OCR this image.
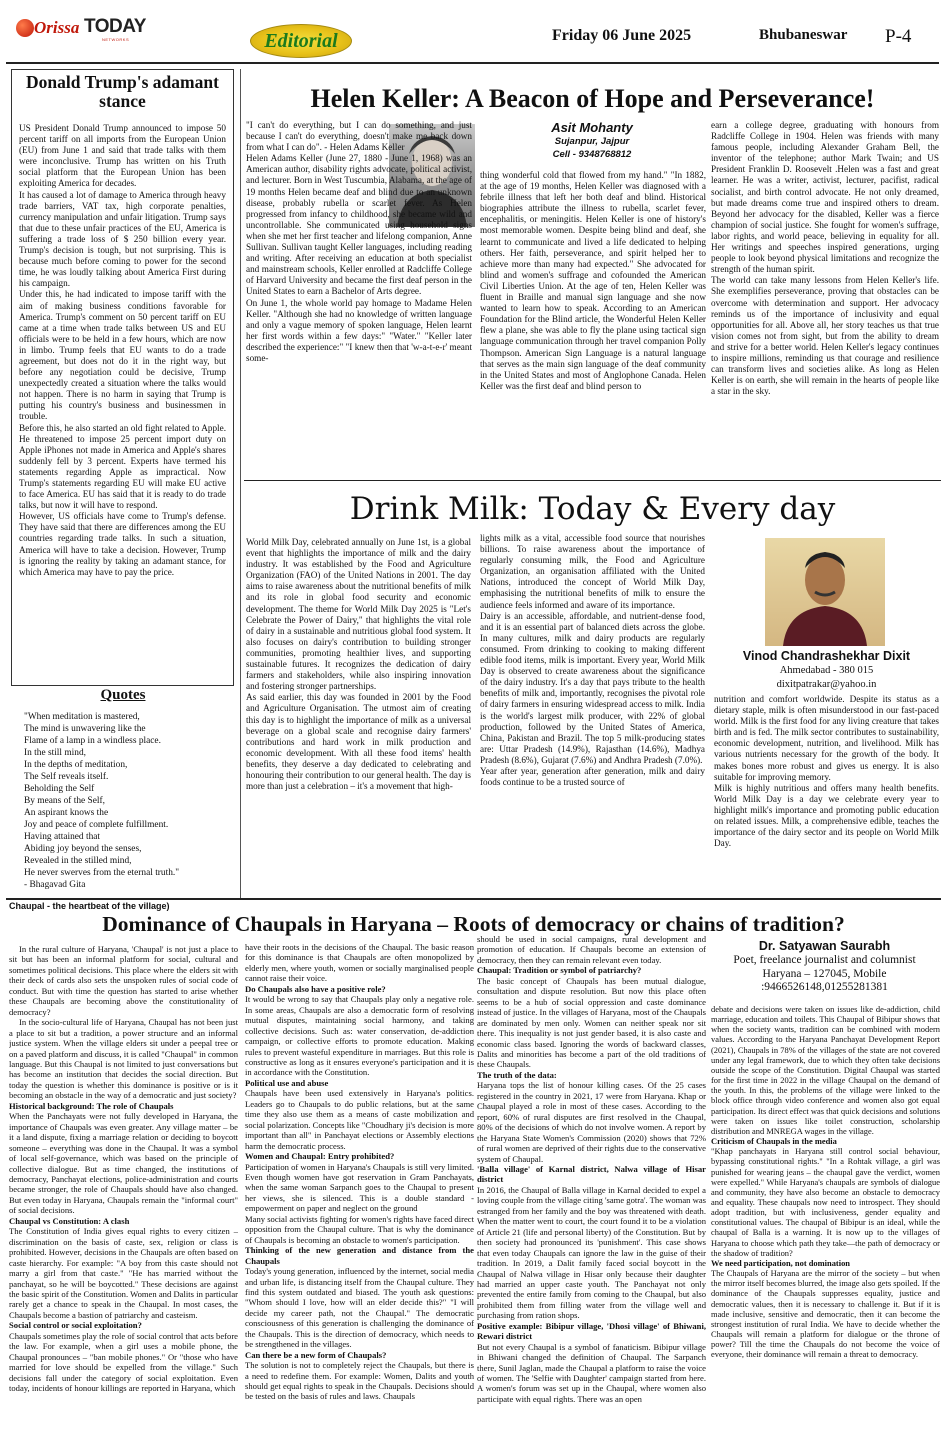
Orissa TODAY
NETWORKS	Editorial	Friday 06 June 2025	Bhubaneswar P-4
Donald Trump's adamant stance

US President Donald Trump announced to impose 50 percent tariff on all imports from the European Union (EU) from June 1 and said that trade talks with them were inconclusive. Trump has written on his Truth social platform that the European Union has been exploiting America for decades.

It has caused a lot of damage to America through heavy trade barriers, VAT tax, high corporate penalties, currency manipulation and unfair litigation. Trump says that due to these unfair practices of the EU, America is suffering a trade loss of $ 250 billion every year. Trump's decision is tough, but not surprising. This is because much before coming to power for the second time, he was loudly talking about America First during his campaign.

Under this, he had indicated to impose tariff with the aim of making business conditions favorable for America. Trump's comment on 50 percent tariff on EU came at a time when trade talks between US and EU officials were to be held in a few hours, which are now in limbo. Trump feels that EU wants to do a trade agreement, but does not do it in the right way, but before any negotiation could be decisive, Trump unexpectedly created a situation where the talks would not happen. There is no harm in saying that Trump is putting his country's business and businessmen in trouble.

Before this, he also started an old fight related to Apple. He threatened to impose 25 percent import duty on Apple iPhones not made in America and Apple's shares suddenly fell by 3 percent. Experts have termed his statements regarding Apple as impractical. Now Trump's statements regarding EU will make EU active to face America. EU has said that it is ready to do trade talks, but now it will have to respond.

However, US officials have come to Trump's defense. They have said that there are differences among the EU countries regarding trade talks. In such a situation, America will have to take a decision. However, Trump is ignoring the reality by taking an adamant stance, for which America may have to pay the price.

Quotes
"When meditation is mastered,
The mind is unwavering like the
Flame of a lamp in a windless place.
In the still mind,
In the depths of meditation,
The Self reveals itself.
Beholding the Self
By means of the Self,
An aspirant knows the
Joy and peace of complete fulfillment.
Having attained that
Abiding joy beyond the senses,
Revealed in the stilled mind,
He never swerves from the eternal truth."
- Bhagavad Gita
Helen Keller: A Beacon of Hope and Perseverance!
"I can't do everything, but I can do something, and just because I can't do everything, doesn't make me back down from what I can do". - Helen Adams Keller
Helen Adams Keller (June 27, 1880 - June 1, 1968) was an American author, disability rights advocate, political activist, and lecturer. Born in West Tuscumbia, Alabama, at the age of 19 months Helen became deaf and blind due to an unknown disease, probably rubella or scarlet fever. As Helen progressed from infancy to childhood, she became wild and uncontrollable. She communicated using household signs when she met her first teacher and lifelong companion, Anne Sullivan. Sullivan taught Keller languages, including reading and writing. After receiving an education at both specialist and mainstream schools, Keller enrolled at Radcliffe College of Harvard University and became the first deaf person in the United States to earn a Bachelor of Arts degree.
On June 1, the whole world pay homage to Madame Helen Keller. "Although she had no knowledge of written language and only a vague memory of spoken language, Helen learnt her first words within a few days:" "Water." "Keller later described the experience:" "I knew then that 'w-a-t-e-r' meant some-
Asit Mohanty
Sujanpur, Jajpur
Cell - 9348768812
thing wonderful cold that flowed from my hand." "In 1882, at the age of 19 months, Helen Keller was diagnosed with a febrile illness that left her both deaf and blind. Historical biographies attribute the illness to rubella, scarlet fever, encephalitis, or meningitis. Helen Keller is one of history's most memorable women. Despite being blind and deaf, she learnt to communicate and lived a life dedicated to helping others. Her faith, perseverance, and spirit helped her to achieve more than many had expected." She advocated for blind and women's suffrage and cofounded the American Civil Liberties Union. At the age of ten, Helen Keller was fluent in Braille and manual sign language and she now wanted to learn how to speak. According to an American Foundation for the Blind article, the Wonderful Helen Keller flew a plane, she was able to fly the plane using tactical sign language communication through her travel companion Polly Thompson. American Sign Language is a natural language that serves as the main sign language of the deaf community in the United States and most of Anglophone Canada. Helen Keller was the first deaf and blind person to
earn a college degree, graduating with honours from Radcliffe College in 1904. Helen was friends with many famous people, including Alexander Graham Bell, the inventor of the telephone; author Mark Twain; and US President Franklin D. Roosevelt .Helen was a fast and great learner. He was a writer, activist, lecturer, pacifist, radical socialist, and birth control advocate. He not only dreamed, but made dreams come true and inspired others to dream. Beyond her advocacy for the disabled, Keller was a fierce champion of social justice. She fought for women's suffrage, labor rights, and world peace, believing in equality for all. Her writings and speeches inspired generations, urging people to look beyond physical limitations and recognize the strength of the human spirit.
The world can take many lessons from Helen Keller's life. She exemplifies perseverance, proving that obstacles can be overcome with determination and support. Her advocacy reminds us of the importance of inclusivity and equal opportunities for all. Above all, her story teaches us that true vision comes not from sight, but from the ability to dream and strive for a better world. Helen Keller's legacy continues to inspire millions, reminding us that courage and resilience can transform lives and societies alike. As long as Helen Keller is on earth, she will remain in the hearts of people like a star in the sky.
Drink Milk: Today & Every day
World Milk Day, celebrated annually on June 1st, is a global event that highlights the importance of milk and the dairy industry. It was established by the Food and Agriculture Organization (FAO) of the United Nations in 2001. The day aims to raise awareness about the nutritional benefits of milk and its role in global food security and economic development. The theme for World Milk Day 2025 is "Let's Celebrate the Power of Dairy," that highlights the vital role of dairy in a sustainable and nutritious global food system. It also focuses on dairy's contribution to building stronger communities, promoting healthier lives, and supporting sustainable futures. It recognizes the dedication of dairy farmers and stakeholders, while also inspiring innovation and fostering stronger partnerships.
As said earlier, this day was founded in 2001 by the Food and Agriculture Organisation. The utmost aim of creating this day is to highlight the importance of milk as a universal beverage on a global scale and recognise dairy farmers' contributions and hard work in milk production and economic development. With all these food items' health benefits, they deserve a day dedicated to celebrating and honouring their contribution to our general health. The day is more than just a celebration – it's a movement that high-
lights milk as a vital, accessible food source that nourishes billions. To raise awareness about the importance of regularly consuming milk, the Food and Agriculture Organization, an organisation affiliated with the United Nations, introduced the concept of World Milk Day, emphasising the nutritional benefits of milk to ensure the audience feels informed and aware of its importance.
Dairy is an accessible, affordable, and nutrient-dense food, and it is an essential part of balanced diets across the globe. In many cultures, milk and dairy products are regularly consumed. From drinking to cooking to making different edible food items, milk is important. Every year, World Milk Day is observed to create awareness about the significance of the dairy industry. It's a day that pays tribute to the health benefits of milk and, importantly, recognises the pivotal role of dairy farmers in ensuring widespread access to milk. India is the world's largest milk producer, with 22% of global production, followed by the United States of America, China, Pakistan and Brazil. The top 5 milk-producing states are: Uttar Pradesh (14.9%), Rajasthan (14.6%), Madhya Pradesh (8.6%), Gujarat (7.6%) and Andhra Pradesh (7.0%).
Year after year, generation after generation, milk and dairy foods continue to be a trusted source of
Vinod Chandrashekhar Dixit
Ahmedabad - 380 015
dixitpatrakar@yahoo.in
nutrition and comfort worldwide. Despite its status as a dietary staple, milk is often misunderstood in our fast-paced world. Milk is the first food for any living creature that takes birth and is fed. The milk sector contributes to sustainability, economic development, nutrition, and livelihood. Milk has various nutrients necessary for the growth of the body. It makes bones more robust and gives us energy. It is also suitable for improving memory.
Milk is highly nutritious and offers many health benefits. World Milk Day is a day we celebrate every year to highlight milk's importance and promoting public education on related issues. Milk, a comprehensive edible, teaches the importance of the dairy sector and its people on World Milk Day.
Chaupal - the heartbeat of the village)
Dominance of Chaupals in Haryana – Roots of democracy or chains of tradition?

In the rural culture of Haryana, 'Chaupal' is not just a place to sit but has been an informal platform for social, cultural and sometimes political decisions. This place where the elders sit with their deck of cards also sets the unspoken rules of social code of conduct. But with time the question has started to arise whether these Chaupals are becoming above the constitutionality of democracy?

In the socio-cultural life of Haryana, Chaupal has not been just a place to sit but a tradition, a power structure and an informal justice system. When the village elders sit under a peepal tree or on a paved platform and discuss, it is called "Chaupal" in common language. But this Chaupal is not limited to just conversations but has become an institution that decides the social direction. But today the question is whether this dominance is positive or is it becoming an obstacle in the way of a democratic and just society?

Historical background: The role of Chaupals

When the Panchayats were not fully developed in Haryana, the importance of Chaupals was even greater. Any village matter – be it a land dispute, fixing a marriage relation or deciding to boycott someone – everything was done in the Chaupal. It was a symbol of local self-governance, which was based on the principle of collective dialogue. But as time changed, the institutions of democracy, Panchayat elections, police-administration and courts became stronger, the role of Chaupals should have also changed. But even today in Haryana, Chaupals remain the "informal court" of social decisions.

Chaupal vs Constitution: A clash

The Constitution of India gives equal rights to every citizen – discrimination on the basis of caste, sex, religion or class is prohibited. However, decisions in the Chaupals are often based on caste hierarchy. For example: "A boy from this caste should not marry a girl from that caste." "He has married without the panchayat, so he will be boycotted." These decisions are against the basic spirit of the Constitution. Women and Dalits in particular rarely get a chance to speak in the Chaupal. In most cases, the Chaupals become a bastion of patriarchy and casteism.

Social control or social exploitation?

Chaupals sometimes play the role of social control that acts before the law. For example, when a girl uses a mobile phone, the Chaupal pronounces – "ban mobile phones." Or "those who have married for love should be expelled from the village." Such decisions fall under the category of social exploitation. Even today, incidents of honour killings are reported in Haryana, which

have their roots in the decisions of the Chaupal. The basic reason for this dominance is that Chaupals are often monopolized by elderly men, where youth, women or socially marginalised people cannot raise their voice.

Do Chaupals also have a positive role?

It would be wrong to say that Chaupals play only a negative role. In some areas, Chaupals are also a democratic form of resolving mutual disputes, maintaining social harmony, and taking collective decisions. Such as: water conservation, de-addiction campaign, or collective efforts to promote education. Making rules to prevent wasteful expenditure in marriages. But this role is constructive as long as it ensures everyone's participation and it is in accordance with the Constitution.

Political use and abuse

Chaupals have been used extensively in Haryana's politics. Leaders go to Chaupals to do public relations, but at the same time they also use them as a means of caste mobilization and social polarization. Concepts like "Choudhary ji's decision is more important than all" in Panchayat elections or Assembly elections harm the democratic process.

Women and Chaupal: Entry prohibited?

Participation of women in Haryana's Chaupals is still very limited. Even though women have got reservation in Gram Panchayats, when the same woman Sarpanch goes to the Chaupal to present her views, she is silenced. This is a double standard - empowerment on paper and neglect on the ground

Many social activists fighting for women's rights have faced direct opposition from the Chaupal culture. That is why the dominance of Chaupals is becoming an obstacle to women's participation.

Thinking of the new generation and distance from the Chaupals

Today's young generation, influenced by the internet, social media and urban life, is distancing itself from the Chaupal culture. They find this system outdated and biased. The youth ask questions: "Whom should I love, how will an elder decide this?" "I will decide my career path, not the Chaupal." The democratic consciousness of this generation is challenging the dominance of the Chaupals. This is the direction of democracy, which needs to be strengthened in the villages.

Can there be a new form of Chaupals?

The solution is not to completely reject the Chaupals, but there is a need to redefine them. For example: Women, Dalits and youth should get equal rights to speak in the Chaupals. Decisions should be tested on the basis of rules and laws. Chaupals

should be used in social campaigns, rural development and promotion of education. If Chaupals become an extension of democracy, then they can remain relevant even today.

Chaupal: Tradition or symbol of patriarchy?

The basic concept of Chaupals has been mutual dialogue, consultation and dispute resolution. But now this place often seems to be a hub of social oppression and caste dominance instead of justice. In the villages of Haryana, most of the Chaupals are dominated by men only. Women can neither speak nor sit there. This inequality is not just gender based, it is also caste and economic class based. Ignoring the words of backward classes, Dalits and minorities has become a part of the old traditions of these Chaupals.

The truth of the data:

Haryana tops the list of honour killing cases. Of the 25 cases registered in the country in 2021, 17 were from Haryana. Khap or Chaupal played a role in most of these cases. According to the report, 60% of rural disputes are first resolved in the Chaupal, 80% of the decisions of which do not involve women. A report by the Haryana State Women's Commission (2020) shows that 72% of rural women are deprived of their rights due to the conservative system of Chaupal.

'Balla village' of Karnal district, Nalwa village of Hisar district

In 2016, the Chaupal of Balla village in Karnal decided to expel a loving couple from the village citing 'same gotra'. The woman was estranged from her family and the boy was threatened with death. When the matter went to court, the court found it to be a violation of Article 21 (life and personal liberty) of the Constitution. But by then society had pronounced its 'punishment'. This case shows that even today Chaupals can ignore the law in the guise of their tradition. In 2019, a Dalit family faced social boycott in the Chaupal of Nalwa village in Hisar only because their daughter had married an upper caste youth. The Panchayat not only prevented the entire family from coming to the Chaupal, but also prohibited them from filling water from the village well and purchasing from ration shops.

Positive example: Bibipur village, 'Dhosi village' of Bhiwani, Rewari district

But not every Chaupal is a symbol of fanaticism. Bibipur village in Bhiwani changed the definition of Chaupal. The Sarpanch there, Sunil Jaglan, made the Chaupal a platform to raise the voice of women. The 'Selfie with Daughter' campaign started from here. A women's forum was set up in the Chaupal, where women also participate with equal rights. There was an open

Dr. Satyawan Saurabh
Poet, freelance journalist and columnist
Haryana – 127045, Mobile
:9466526148,01255281381

debate and decisions were taken on issues like de-addiction, child marriage, education and toilets. This Chaupal of Bibipur shows that when the society wants, tradition can be combined with modern values. According to the Haryana Panchayat Development Report (2021), Chaupals in 78% of the villages of the state are not covered under any legal framework, due to which they often take decisions outside the scope of the Constitution. Digital Chaupal was started for the first time in 2022 in the village Chaupal on the demand of the youth. In this, the problems of the village were linked to the block office through video conference and women also got equal participation. Its direct effect was that quick decisions and solutions were taken on issues like toilet construction, scholarship distribution and MNREGA wages in the village.

Criticism of Chaupals in the media

"Khap panchayats in Haryana still control social behaviour, bypassing constitutional rights." "In a Rohtak village, a girl was punished for wearing jeans – the chaupal gave the verdict, women were expelled." While Haryana's chaupals are symbols of dialogue and community, they have also become an obstacle to democracy and equality. These chaupals now need to introspect. They should adopt tradition, but with inclusiveness, gender equality and constitutional values. The chaupal of Bibipur is an ideal, while the chaupal of Balla is a warning. It is now up to the villages of Haryana to choose which path they take—the path of democracy or the shadow of tradition?

We need participation, not domination

The Chaupals of Haryana are the mirror of the society – but when the mirror itself becomes blurred, the image also gets spoiled. If the dominance of the Chaupals suppresses equality, justice and democratic values, then it is necessary to challenge it. But if it is made inclusive, sensitive and democratic, then it can become the strongest institution of rural India. We have to decide whether the Chaupals will remain a platform for dialogue or the throne of power? Till the time the Chaupals do not become the voice of everyone, their dominance will remain a threat to democracy.
